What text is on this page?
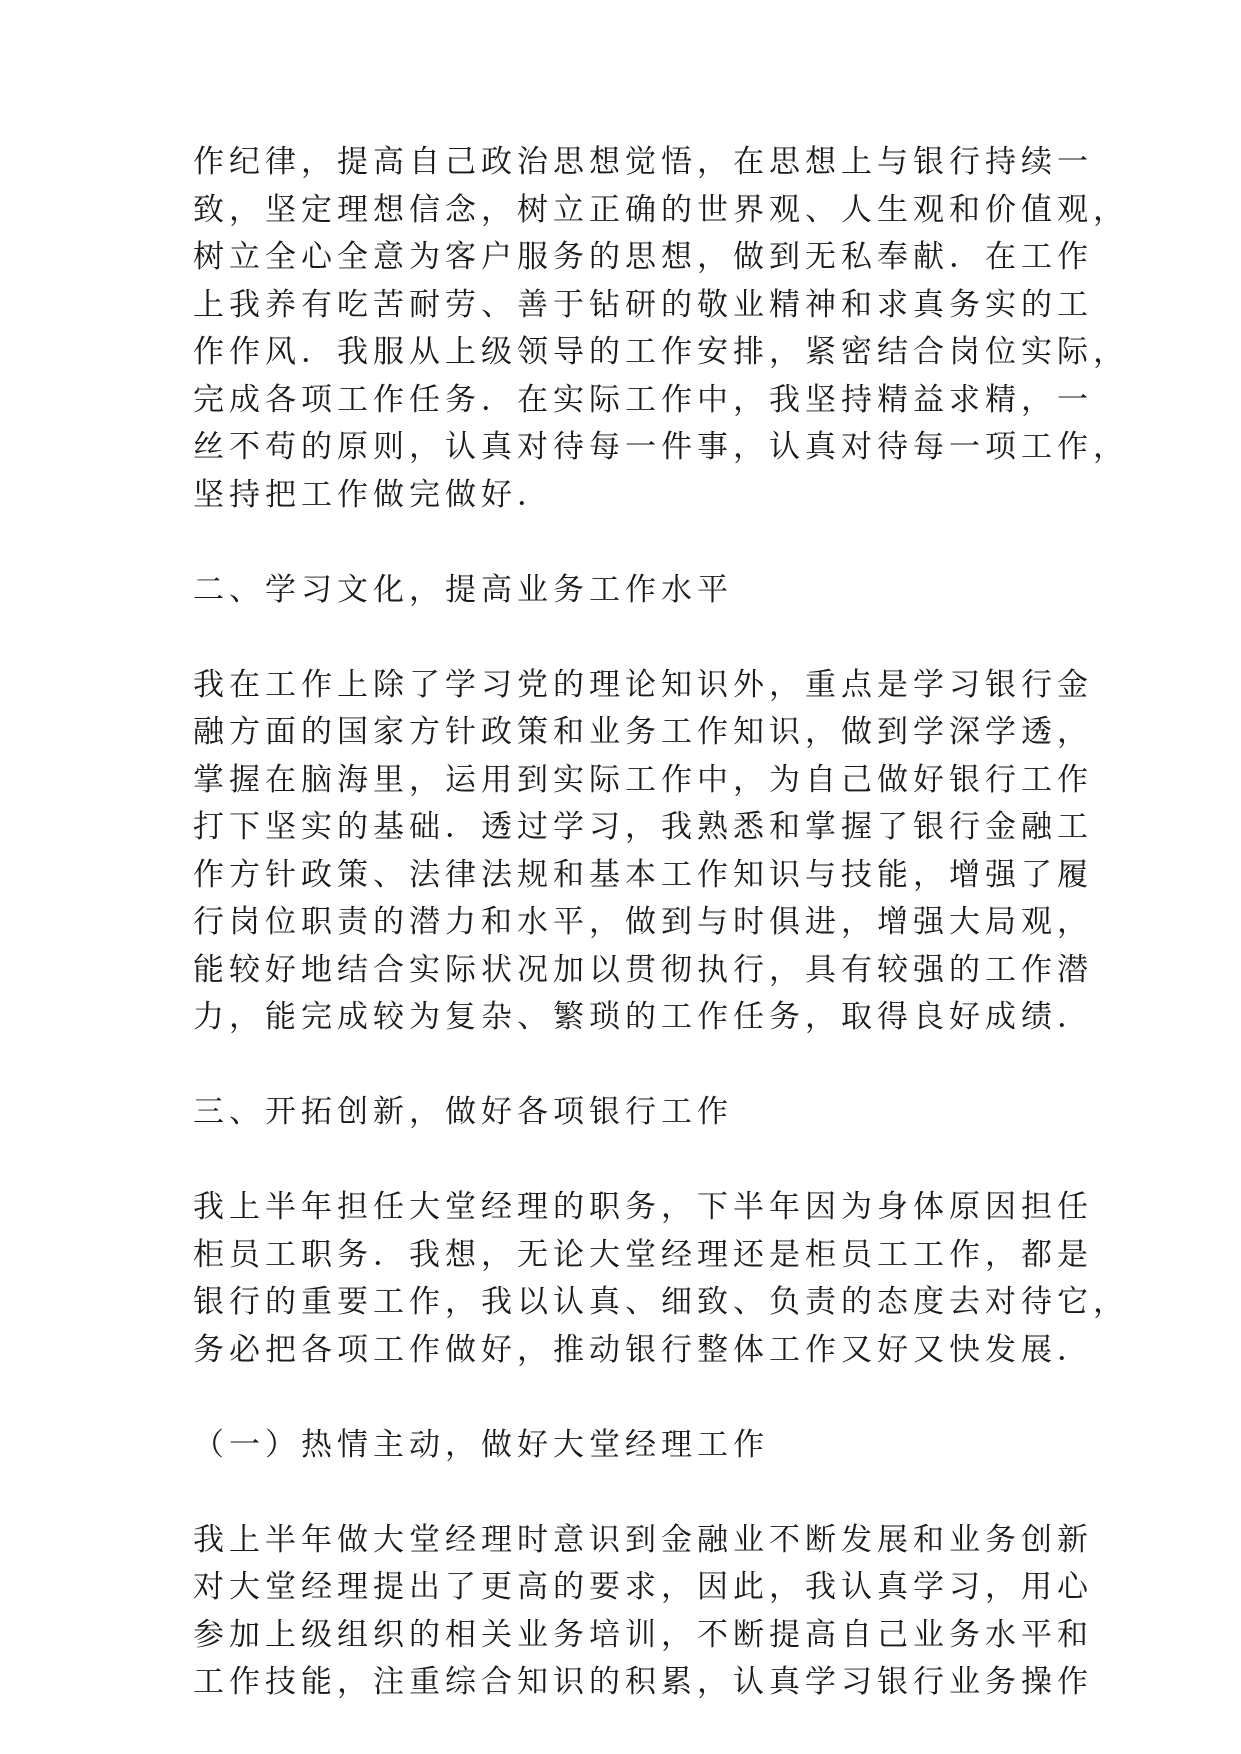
作纪律，提高自己政治思想觉悟，在思想上与银行持续一
致，坚定理想信念，树立正确的世界观、人生观和价值观，
树立全心全意为客户服务的思想，做到无私奉献．在工作
上我养有吃苦耐劳、善于钻研的敬业精神和求真务实的工
作作风．我服从上级领导的工作安排，紧密结合岗位实际，
完成各项工作任务．在实际工作中，我坚持精益求精，一
丝不苟的原则，认真对待每一件事，认真对待每一项工作，
坚持把工作做完做好．
二、学习文化，提高业务工作水平
我在工作上除了学习党的理论知识外，重点是学习银行金
融方面的国家方针政策和业务工作知识，做到学深学透，
掌握在脑海里，运用到实际工作中，为自己做好银行工作
打下坚实的基础．透过学习，我熟悉和掌握了银行金融工
作方针政策、法律法规和基本工作知识与技能，增强了履
行岗位职责的潜力和水平，做到与时俱进，增强大局观，
能较好地结合实际状况加以贯彻执行，具有较强的工作潜
力，能完成较为复杂、繁琐的工作任务，取得良好成绩．
三、开拓创新，做好各项银行工作
我上半年担任大堂经理的职务，下半年因为身体原因担任
柜员工职务．我想，无论大堂经理还是柜员工工作，都是
银行的重要工作，我以认真、细致、负责的态度去对待它，
务必把各项工作做好，推动银行整体工作又好又快发展．
（一）热情主动，做好大堂经理工作
我上半年做大堂经理时意识到金融业不断发展和业务创新
对大堂经理提出了更高的要求，因此，我认真学习，用心
参加上级组织的相关业务培训，不断提高自己业务水平和
工作技能，注重综合知识的积累，认真学习银行业务操作
